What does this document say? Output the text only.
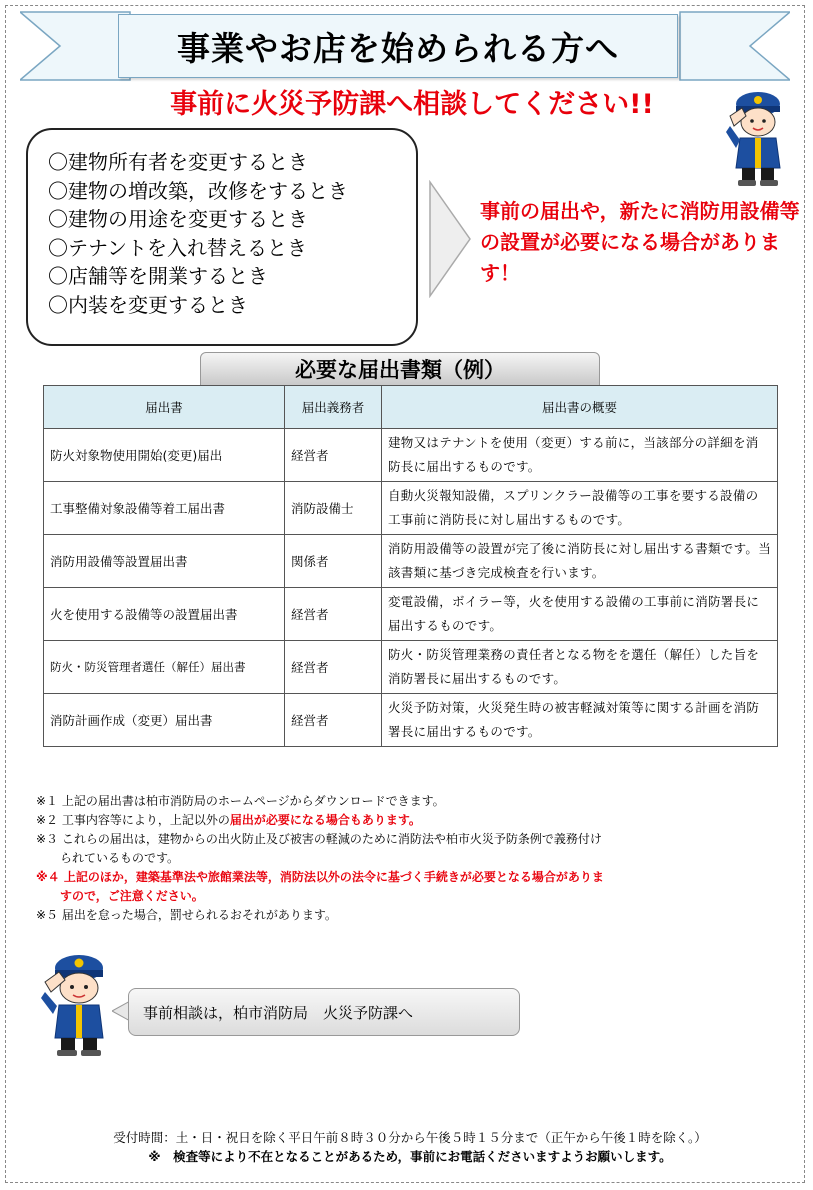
事業やお店を始められる方へ
事前に火災予防課へ相談してください!!
〇建物所有者を変更するとき
〇建物の増改築，改修をするとき
〇建物の用途を変更するとき
〇テナントを入れ替えるとき
〇店舗等を開業するとき
〇内装を変更するとき
事前の届出や，新たに消防用設備等の設置が必要になる場合があります！
必要な届出書類（例）
届出書	届出義務者	届出書の概要
防火対象物使用開始(変更)届出	経営者	建物又はテナントを使用（変更）する前に，当該部分の詳細を消防長に届出するものです。
工事整備対象設備等着工届出書	消防設備士	自動火災報知設備，スプリンクラー設備等の工事を要する設備の工事前に消防長に対し届出するものです。
消防用設備等設置届出書	関係者	消防用設備等の設置が完了後に消防長に対し届出する書類です。当該書類に基づき完成検査を行います。
火を使用する設備等の設置届出書	経営者	変電設備，ボイラー等，火を使用する設備の工事前に消防署長に届出するものです。
防火・防災管理者選任（解任）届出書	経営者	防火・防災管理業務の責任者となる物をを選任（解任）した旨を消防署長に届出するものです。
消防計画作成（変更）届出書	経営者	火災予防対策，火災発生時の被害軽減対策等に関する計画を消防署長に届出するものです。
※１ 上記の届出書は柏市消防局のホームページからダウンロードできます。
※２ 工事内容等により，上記以外の届出が必要になる場合もあります。
※３ これらの届出は，建物からの出火防止及び被害の軽減のために消防法や柏市火災予防条例で義務付け
られているものです。
※４ 上記のほか，建築基準法や旅館業法等，消防法以外の法令に基づく手続きが必要となる場合がありま
すので，ご注意ください。
※５ 届出を怠った場合，罰せられるおそれがあります。
事前相談は，柏市消防局　火災予防課へ
受付時間：土・日・祝日を除く平日午前８時３０分から午後５時１５分まで（正午から午後１時を除く。）
※　検査等により不在となることがあるため，事前にお電話くださいますようお願いします。
